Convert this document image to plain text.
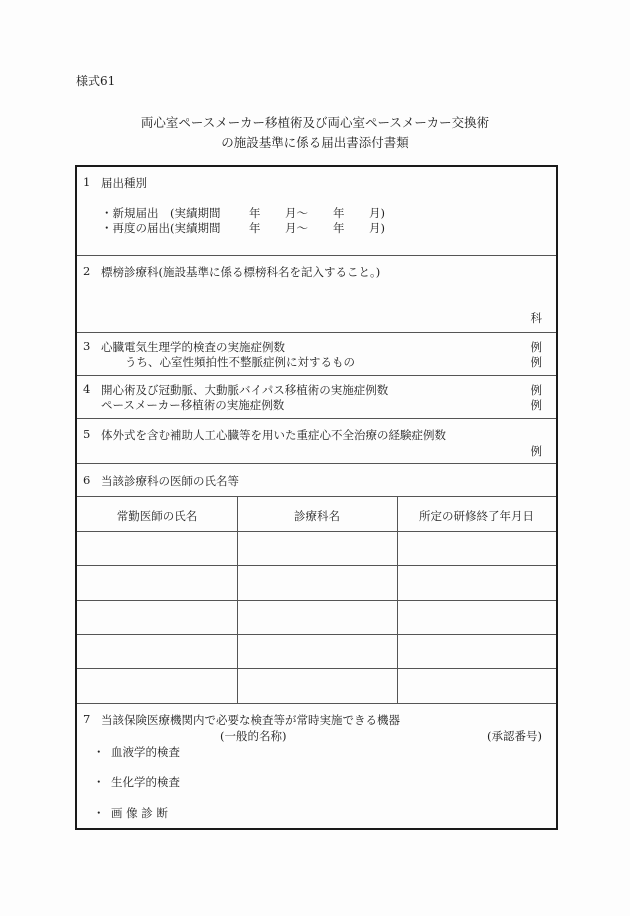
様式61
両心室ペースメーカー移植術及び両心室ペースメーカー交換術
の施設基準に係る届出書添付書類
1 届出種別
・新規届出　(実績期間 年 月～ 年 月)
・再度の届出(実績期間 年 月～ 年 月)
2 標榜診療科(施設基準に係る標榜科名を記入すること。)
科
3 心臓電気生理学的検査の実施症例数	例
うち、心室性頻拍性不整脈症例に対するもの	例
4 開心術及び冠動脈、大動脈バイパス移植術の実施症例数	例
ペースメーカー移植術の実施症例数	例
5 体外式を含む補助人工心臓等を用いた重症心不全治療の経験症例数
例
6 当該診療科の医師の氏名等
常勤医師の氏名	診療科名	所定の研修終了年月日
7 当該保険医療機関内で必要な検査等が常時実施できる機器
(一般的名称)	(承認番号)
・ 血液学的検査
・ 生化学的検査
・ 画 像 診 断
